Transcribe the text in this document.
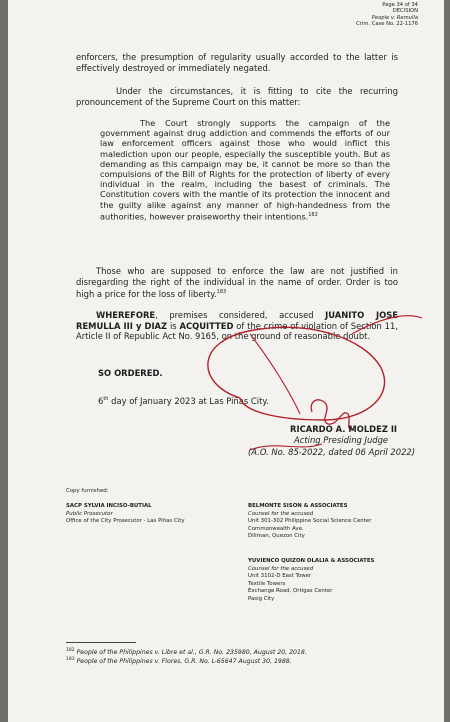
Page 34 of 34
DECISION
People v. Remulla
Crim. Case No. 22-1176
enforcers, the presumption of regularity usually accorded to the latter is effectively destroyed or immediately negated.
Under the circumstances, it is fitting to cite the recurring pronouncement of the Supreme Court on this matter:
The Court strongly supports the campaign of the government against drug addiction and commends the efforts of our law enforcement officers against those who would inflict this malediction upon our people, especially the susceptible youth. But as demanding as this campaign may be, it cannot be more so than the compulsions of the Bill of Rights for the protection of liberty of every individual in the realm, including the basest of criminals. The Constitution covers with the mantle of its protection the innocent and the guilty alike against any manner of high-handedness from the authorities, however praiseworthy their intentions.$^{182}$
Those who are supposed to enforce the law are not justified in disregarding the right of the individual in the name of order. Order is too high a price for the loss of liberty.$^{183}$
WHEREFORE, premises considered, accused JUANITO JOSE REMULLA III y DIAZ is ACQUITTED of the crime of violation of Section 11, Article II of Republic Act No. 9165, on the ground of reasonable doubt.
SO ORDERED.
6th day of January 2023 at Las Piñas City.
RICARDO A. MOLDEZ II
Acting Presiding Judge
(A.O. No. 85-2022, dated 06 April 2022)
Copy furnished:
SACP SYLVIA INCISO-BUTIAL
Public Prosecutor
Office of the City Prosecutor - Las Piñas City
BELMONTE SISON & ASSOCIATES
Counsel for the accused
Unit 301-302 Philippine Social Science Center
Commonwealth Ave.
Diliman, Quezon City
YUVIENCO QUIZON OLALIA & ASSOCIATES
Counsel for the accused
Unit 3102-D East Tower
Textile Towers
Exchange Road, Ortigas Center
Pasig City
$^{182}$ People of the Philippines v. Libre et al., G.R. No. 235980, August 20, 2018.
$^{183}$ People of the Philippines v. Flores, G.R. No. L-65647 August 30, 1988.
